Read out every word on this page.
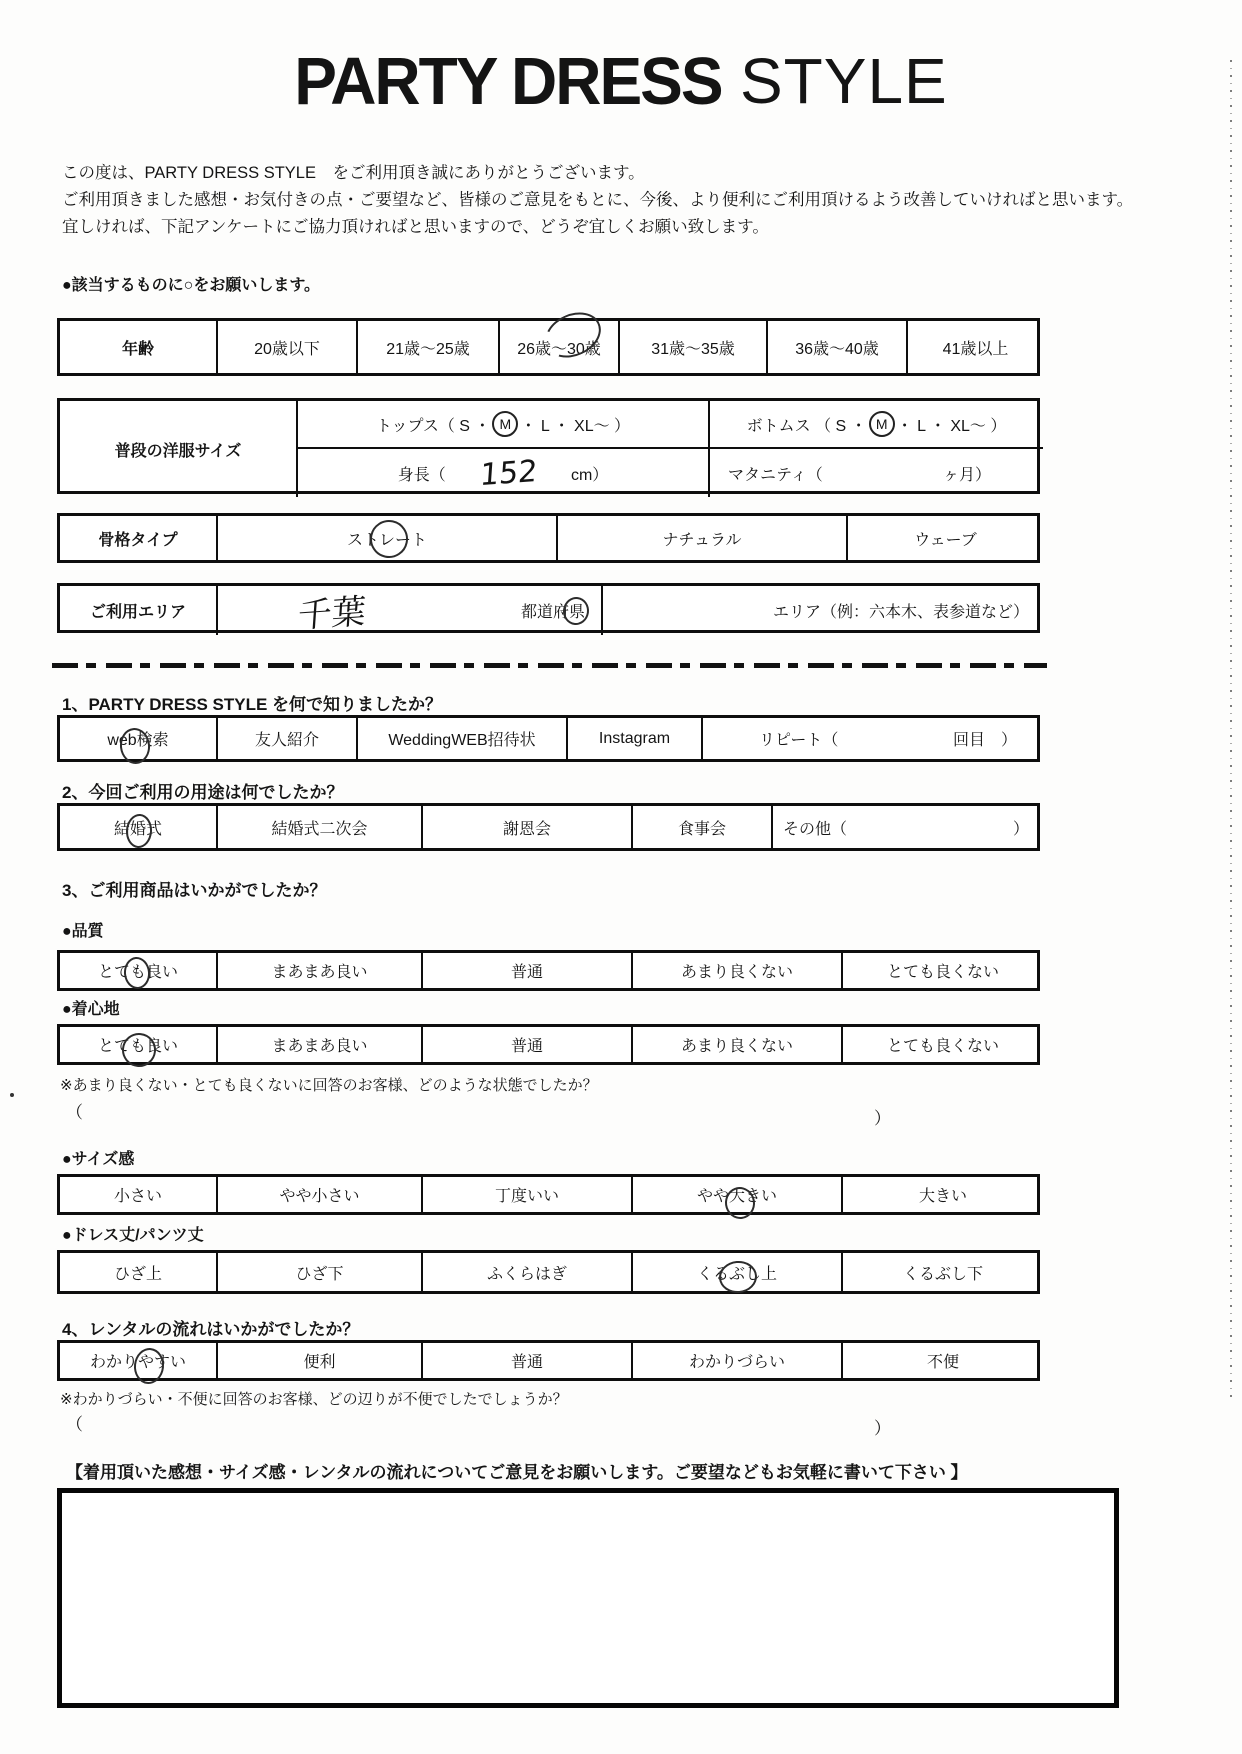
PARTY DRESS STYLE
この度は、PARTY DRESS STYLE　をご利用頂き誠にありがとうございます。
ご利用頂きました感想・お気付きの点・ご要望など、皆様のご意見をもとに、今後、より便利にご利用頂けるよう改善していければと思います。
宜しければ、下記アンケートにご協力頂ければと思いますので、どうぞ宜しくお願い致します。
●該当するものに○をお願いします。
年齢	20歳以下	21歳〜25歳	26歳〜30歳	31歳〜35歳	36歳〜40歳	41歳以上
普段の洋服サイズ
トップス（ S ・ M ・ L ・ XL〜 ）	ボトムス （ S ・ M ・ L ・ XL〜 ）
身長（ 152 cm）	マタニティ（	ヶ月）
骨格タイプ	ストレート	ナチュラル	ウェーブ
ご利用エリア	千葉	都道府県	エリア（例：六本木、表参道など）
1、PARTY DRESS STYLE を何で知りましたか？
web検索	友人紹介	WeddingWEB招待状	Instagram	リピート（	回目　）
2、今回ご利用の用途は何でしたか？
結婚式	結婚式二次会	謝恩会	食事会	その他（	）
3、ご利用商品はいかがでしたか？
●品質
とても良い	まあまあ良い	普通	あまり良くない	とても良くない
●着心地
とても良い	まあまあ良い	普通	あまり良くない	とても良くない
※あまり良くない・とても良くないに回答のお客様、どのような状態でしたか？
（	）
●サイズ感
小さい	やや小さい	丁度いい	やや大きい	大きい
●ドレス丈/パンツ丈
ひざ上	ひざ下	ふくらはぎ	くるぶし上	くるぶし下
4、レンタルの流れはいかがでしたか？
わかりやすい	便利	普通	わかりづらい	不便
※わかりづらい・不便に回答のお客様、どの辺りが不便でしたでしょうか？
（	）
【着用頂いた感想・サイズ感・レンタルの流れについてご意見をお願いします。ご要望などもお気軽に書いて下さい 】
